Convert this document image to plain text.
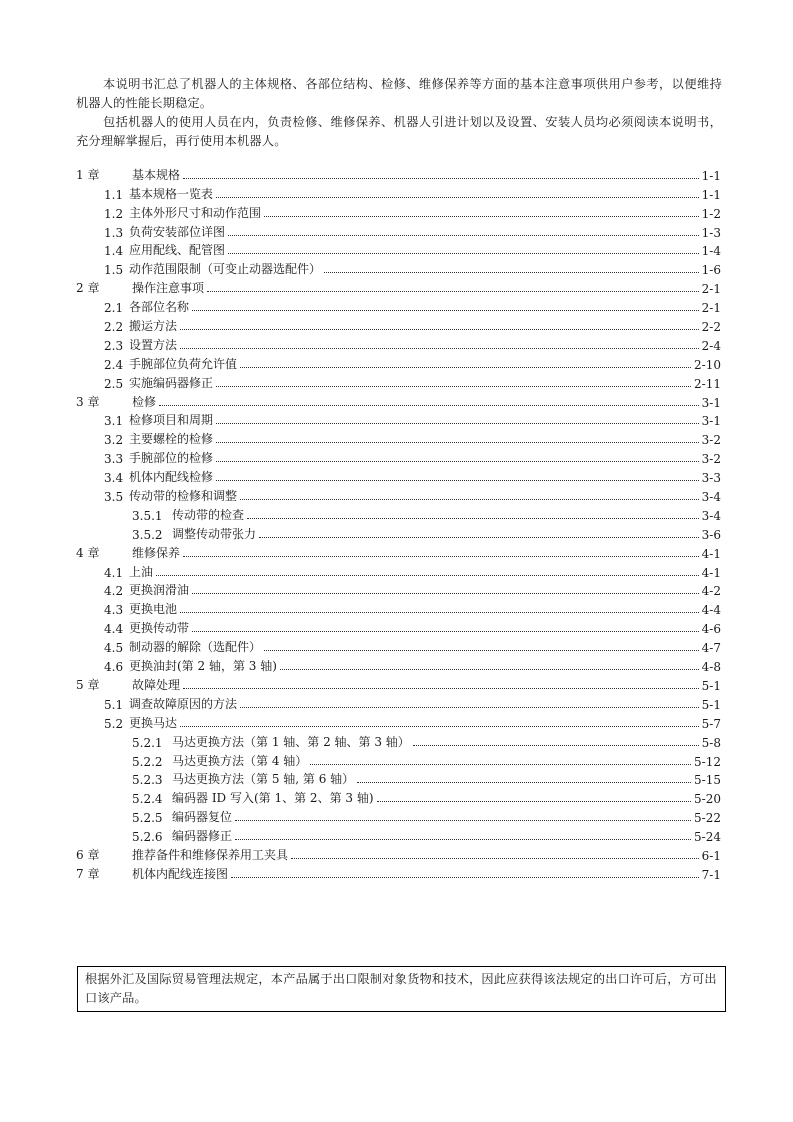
本说明书汇总了机器人的主体规格、各部位结构、检修、维修保养等方面的基本注意事项供用户参考，以便维持机器人的性能长期稳定。

包括机器人的使用人员在内，负责检修、维修保养、机器人引进计划以及设置、安装人员均必须阅读本说明书，充分理解掌握后，再行使用本机器人。

1 章	基本规格	1-1
1.1 基本规格一览表	1-1
1.2 主体外形尺寸和动作范围	1-2
1.3 负荷安装部位详图	1-3
1.4 应用配线、配管图	1-4
1.5 动作范围限制（可变止动器选配件）	1-6
2 章	操作注意事项	2-1
2.1 各部位名称	2-1
2.2 搬运方法	2-2
2.3 设置方法	2-4
2.4 手腕部位负荷允许值	2-10
2.5 实施编码器修正	2-11
3 章	检修	3-1
3.1 检修项目和周期	3-1
3.2 主要螺栓的检修	3-2
3.3 手腕部位的检修	3-2
3.4 机体内配线检修	3-3
3.5 传动带的检修和调整	3-4
3.5.1 传动带的检查	3-4
3.5.2 调整传动带张力	3-6
4 章	维修保养	4-1
4.1 上油	4-1
4.2 更换润滑油	4-2
4.3 更换电池	4-4
4.4 更换传动带	4-6
4.5 制动器的解除（选配件）	4-7
4.6 更换油封(第 2 轴，第 3 轴)	4-8
5 章	故障处理	5-1
5.1 调查故障原因的方法	5-1
5.2 更换马达	5-7
5.2.1 马达更换方法（第 1 轴、第 2 轴、第 3 轴）	5-8
5.2.2 马达更换方法（第 4 轴）	5-12
5.2.3 马达更换方法（第 5 轴, 第 6 轴）	5-15
5.2.4 编码器 ID 写入(第 1、第 2、第 3 轴)	5-20
5.2.5 编码器复位	5-22
5.2.6 编码器修正	5-24
6 章	推荐备件和维修保养用工夹具	6-1
7 章	机体内配线连接图	7-1
根据外汇及国际贸易管理法规定，本产品属于出口限制对象货物和技术，因此应获得该法规定的出口许可后，方可出口该产品。
